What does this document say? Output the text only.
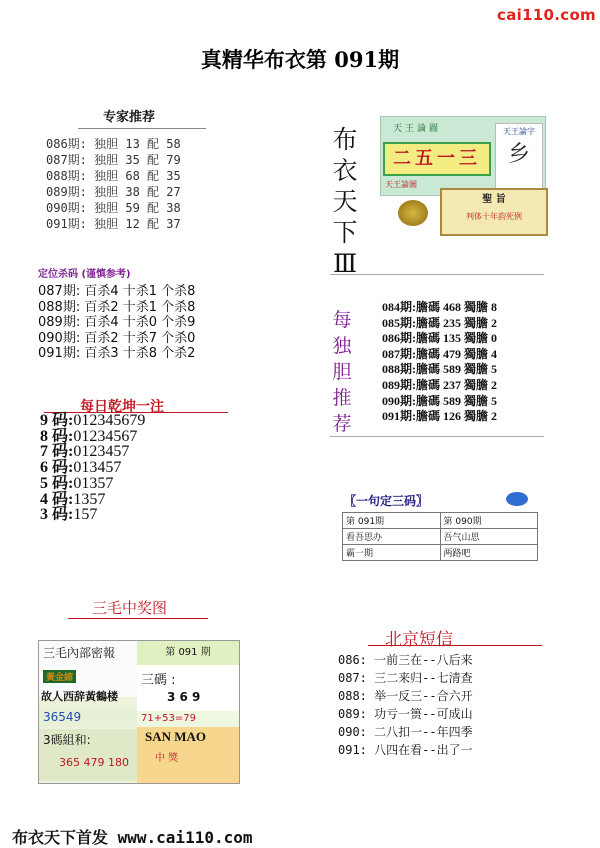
cai110.com
真精华布衣第 091期
专家推荐
086期: 独胆 13 配 58
087期: 独胆 35 配 79
088期: 独胆 68 配 35
089期: 独胆 38 配 27
090期: 独胆 59 配 38
091期: 独胆 12 配 37
定位杀码 (谨慎参考)
087期: 百杀4 十杀1 个杀8
088期: 百杀2 十杀1 个杀8
089期: 百杀4 十杀0 个杀9
090期: 百杀2 十杀7 个杀0
091期: 百杀3 十杀8 个杀2
每日乾坤一注
9 码:012345679
8 码:01234567
7 码:0123457
6 码:013457
5 码:01357
4 码:1357
3 码:157
布
衣
天
下
Ⅲ
天王論圖
二五一三
天王論圖
天王論字
乡
聖 旨
判体十年韵死例
每
独
胆
推
荐
084期:膽碼 468 獨膽 8
085期:膽碼 235 獨膽 2
086期:膽碼 135 獨膽 0
087期:膽碼 479 獨膽 4
088期:膽碼 589 獨膽 5
089期:膽碼 237 獨膽 2
090期:膽碼 589 獨膽 5
091期:膽碼 126 獨膽 2
〖一句定三码〗
第 091期	第 090期
看吾思办	吾气山思
霸一期	两路吧
三毛中奖图
三毛內部密報
黃金縮
故人西辞黃鶴楼
第 091 期
三碼 :
3 6 9
36549	71+53=79
3碼組和:
365 479 180
SAN MAO
中 獎
北京短信
086: 一前三在--八后来
087: 三二来归--七清查
088: 举一反三--合六开
089: 功亏一篑--可成山
090: 二八扣一--年四季
091: 八四在看--出了一
布衣天下首发 www.cai110.com
